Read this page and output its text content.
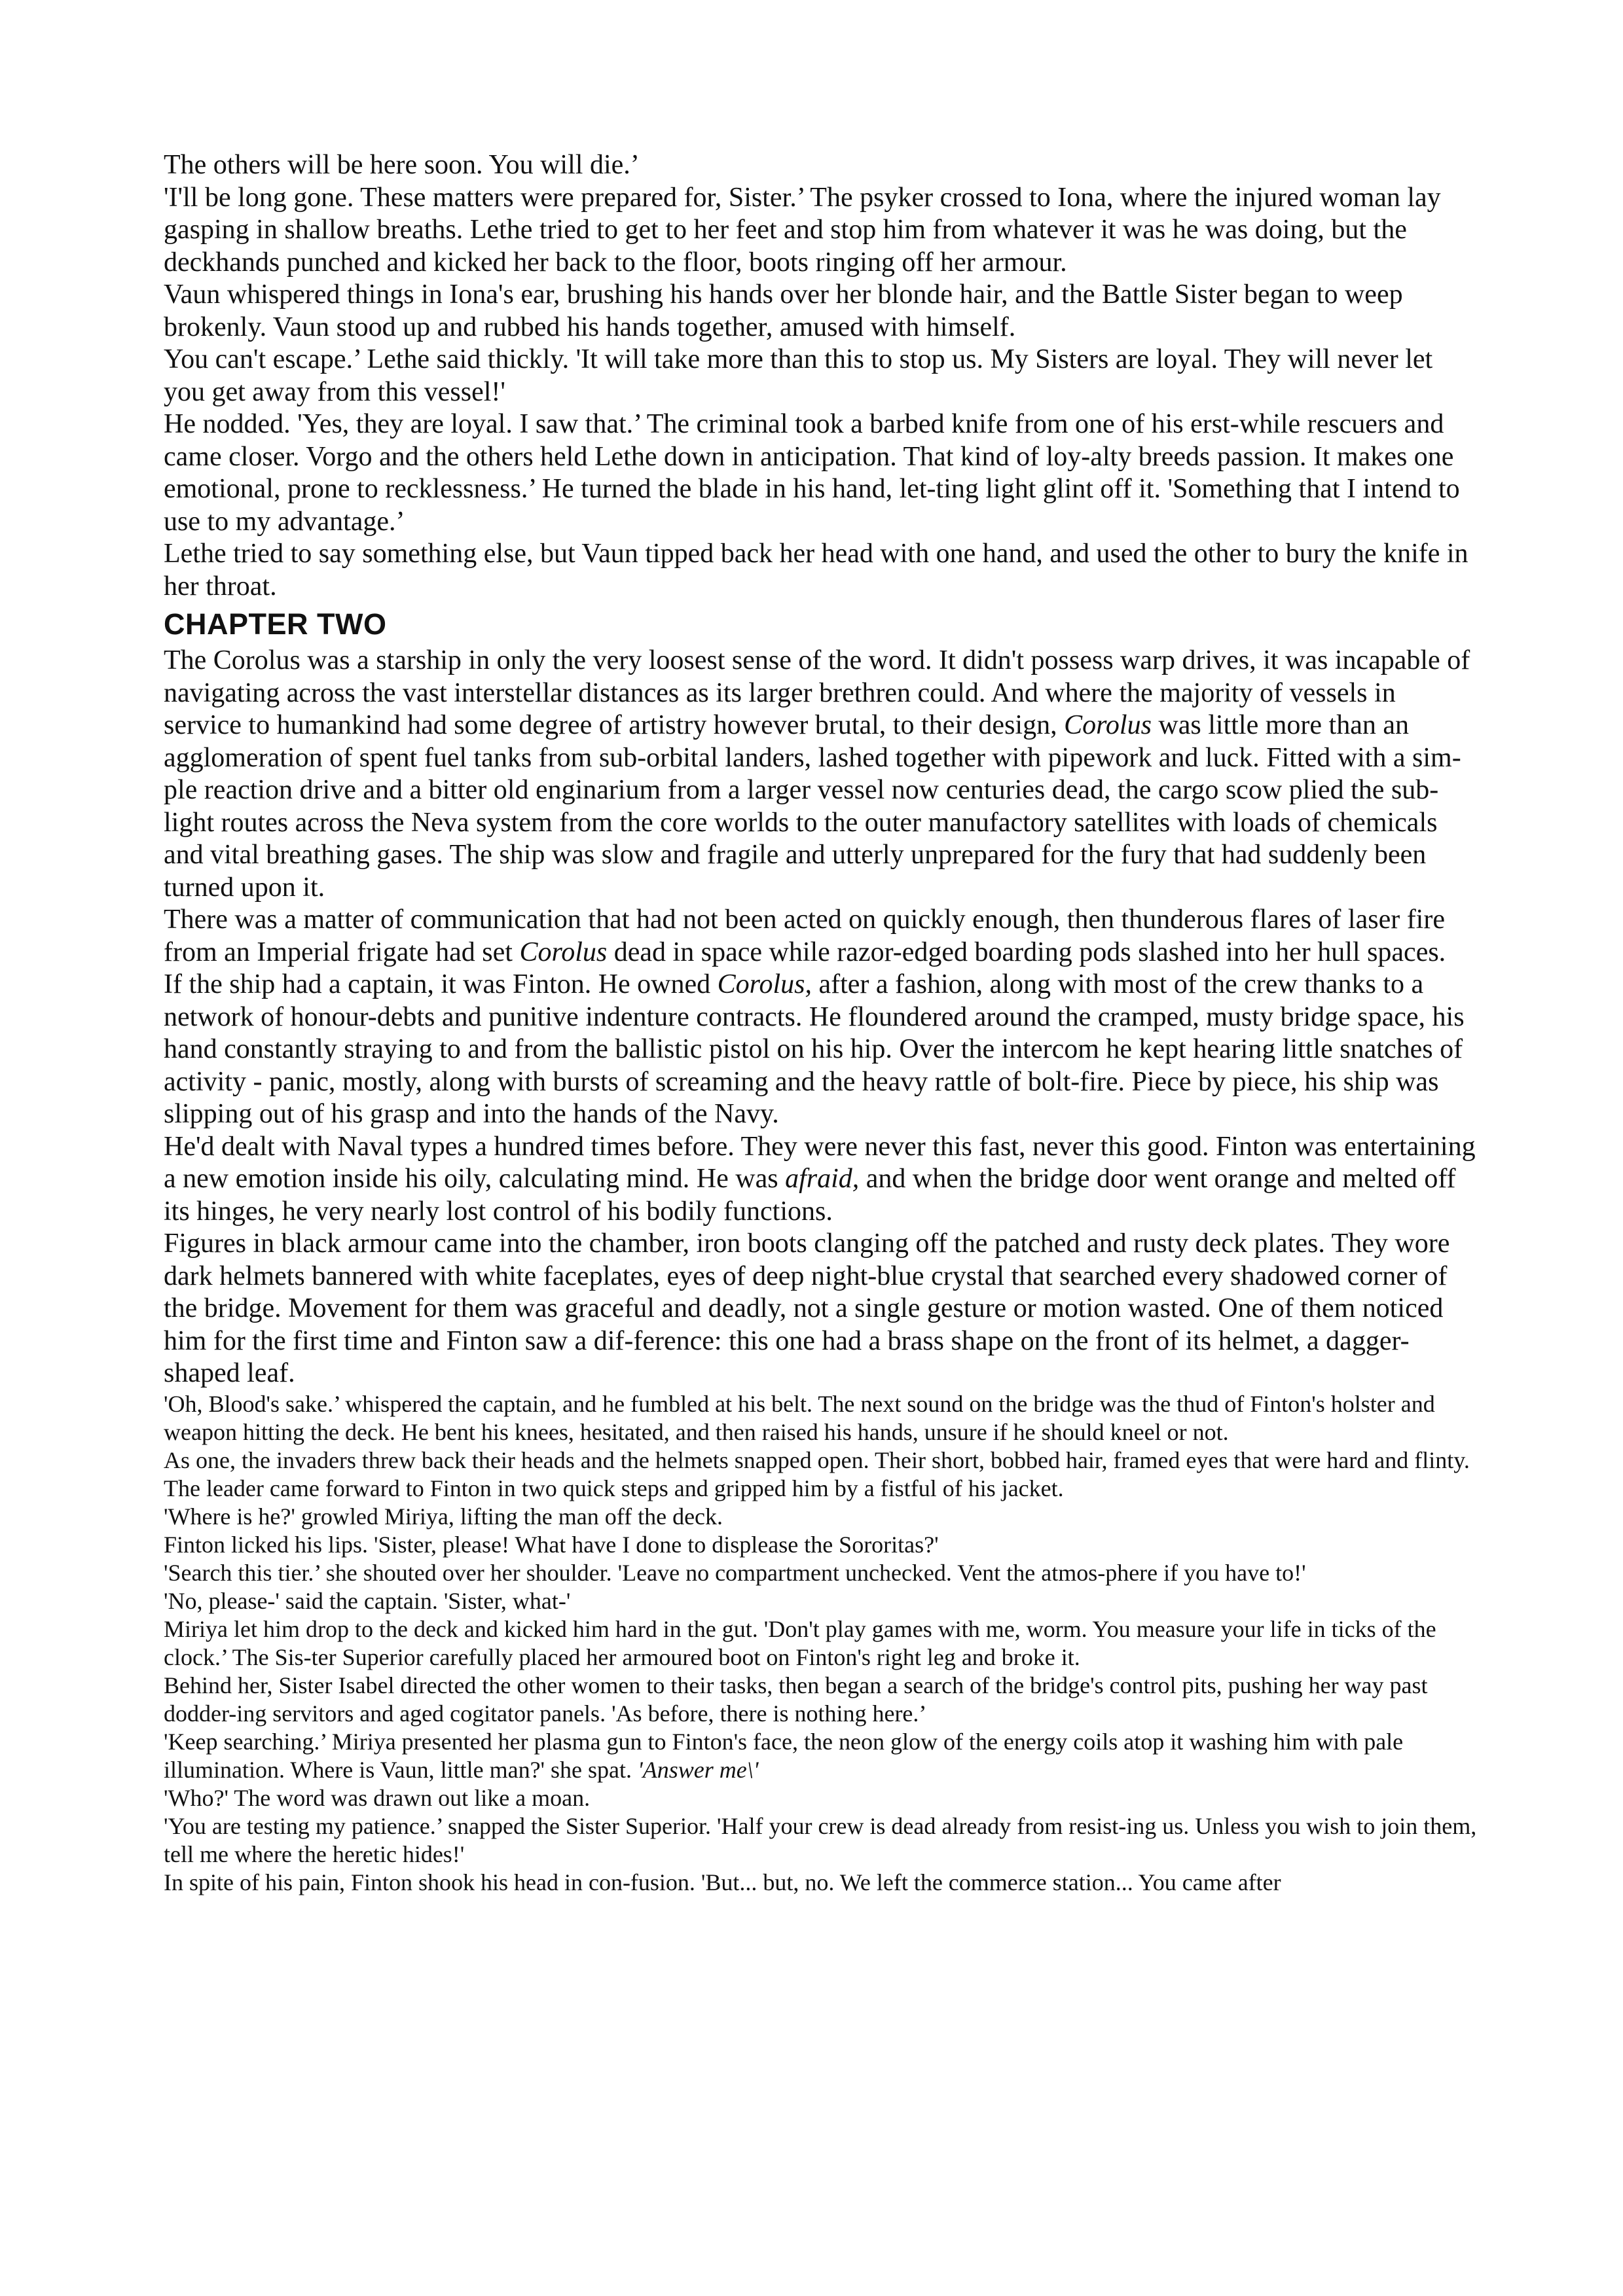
The others will be here soon. You will die.’

'I'll be long gone. These matters were prepared for, Sister.’ The psyker crossed to Iona, where the injured woman lay gasping in shallow breaths. Lethe tried to get to her feet and stop him from whatever it was he was doing, but the deckhands punched and kicked her back to the floor, boots ringing off her armour.

Vaun whispered things in Iona's ear, brushing his hands over her blonde hair, and the Battle Sister began to weep brokenly. Vaun stood up and rubbed his hands together, amused with himself.

You can't escape.’ Lethe said thickly. 'It will take more than this to stop us. My Sisters are loyal. They will never let you get away from this vessel!'

He nodded. 'Yes, they are loyal. I saw that.’ The criminal took a barbed knife from one of his erst-while rescuers and came closer. Vorgo and the others held Lethe down in anticipation. That kind of loy-alty breeds passion. It makes one emotional, prone to recklessness.’ He turned the blade in his hand, let-ting light glint off it. 'Something that I intend to use to my advantage.’

Lethe tried to say something else, but Vaun tipped back her head with one hand, and used the other to bury the knife in her throat.

CHAPTER TWO

The Corolus was a starship in only the very loosest sense of the word. It didn't possess warp drives, it was incapable of navigating across the vast interstellar distances as its larger brethren could. And where the majority of vessels in service to humankind had some degree of artistry however brutal, to their design, Corolus was little more than an agglomeration of spent fuel tanks from sub-orbital landers, lashed together with pipework and luck. Fitted with a sim-ple reaction drive and a bitter old enginarium from a larger vessel now centuries dead, the cargo scow plied the sub-light routes across the Neva system from the core worlds to the outer manufactory satellites with loads of chemicals and vital breathing gases. The ship was slow and fragile and utterly unprepared for the fury that had suddenly been turned upon it.

There was a matter of communication that had not been acted on quickly enough, then thunderous flares of laser fire from an Imperial frigate had set Corolus dead in space while razor-edged boarding pods slashed into her hull spaces.

If the ship had a captain, it was Finton. He owned Corolus, after a fashion, along with most of the crew thanks to a network of honour-debts and punitive indenture contracts. He floundered around the cramped, musty bridge space, his hand constantly straying to and from the ballistic pistol on his hip. Over the intercom he kept hearing little snatches of activity - panic, mostly, along with bursts of screaming and the heavy rattle of bolt-fire. Piece by piece, his ship was slipping out of his grasp and into the hands of the Navy.

He'd dealt with Naval types a hundred times before. They were never this fast, never this good. Finton was entertaining a new emotion inside his oily, calculating mind. He was afraid, and when the bridge door went orange and melted off its hinges, he very nearly lost control of his bodily functions.

Figures in black armour came into the chamber, iron boots clanging off the patched and rusty deck plates. They wore dark helmets bannered with white faceplates, eyes of deep night-blue crystal that searched every shadowed corner of the bridge. Movement for them was graceful and deadly, not a single gesture or motion wasted. One of them noticed him for the first time and Finton saw a dif-ference: this one had a brass shape on the front of its helmet, a dagger-shaped leaf.

'Oh, Blood's sake.’ whispered the captain, and he fumbled at his belt. The next sound on the bridge was the thud of Finton's holster and weapon hitting the deck. He bent his knees, hesitated, and then raised his hands, unsure if he should kneel or not.

As one, the invaders threw back their heads and the helmets snapped open. Their short, bobbed hair, framed eyes that were hard and flinty. The leader came forward to Finton in two quick steps and gripped him by a fistful of his jacket.

'Where is he?' growled Miriya, lifting the man off the deck.

Finton licked his lips. 'Sister, please! What have I done to displease the Sororitas?'

'Search this tier.’ she shouted over her shoulder. 'Leave no compartment unchecked. Vent the atmos-phere if you have to!'

'No, please-' said the captain. 'Sister, what-'

Miriya let him drop to the deck and kicked him hard in the gut. 'Don't play games with me, worm. You measure your life in ticks of the clock.’ The Sis-ter Superior carefully placed her armoured boot on Finton's right leg and broke it.

Behind her, Sister Isabel directed the other women to their tasks, then began a search of the bridge's control pits, pushing her way past dodder-ing servitors and aged cogitator panels. 'As before, there is nothing here.’

'Keep searching.’ Miriya presented her plasma gun to Finton's face, the neon glow of the energy coils atop it washing him with pale illumination. Where is Vaun, little man?' she spat. 'Answer me\'

'Who?' The word was drawn out like a moan.

'You are testing my patience.’ snapped the Sister Superior. 'Half your crew is dead already from resist-ing us. Unless you wish to join them, tell me where the heretic hides!'

In spite of his pain, Finton shook his head in con-fusion. 'But... but, no. We left the commerce station... You came after
